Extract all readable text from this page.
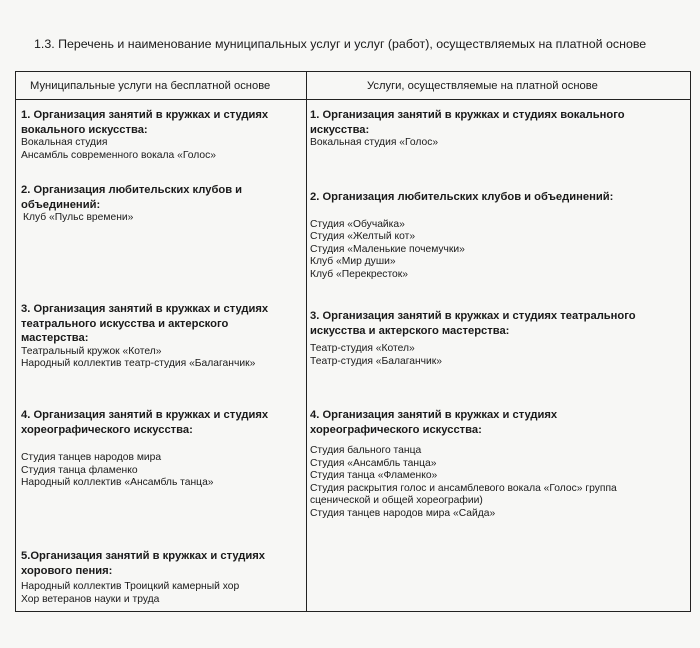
1.3. Перечень и наименование муниципальных услуг и услуг (работ), осуществляемых на платной основе
Муниципальные услуги на бесплатной основе	Услуги, осуществляемые на платной основе

1. Организация занятий в кружках и студиях
вокального искусства:

Вокальная студия
Ансамбль современного вокала «Голос»

2. Организация любительских клубов и
объединений:

Клуб «Пульс времени»

3. Организация занятий в кружках и студиях
театрального искусства и актерского
мастерства:

Театральный кружок «Котел»
Народный коллектив театр-студия «Балаганчик»

4. Организация занятий в кружках и студиях
хореографического искусства:

Студия танцев народов мира
Студия танца фламенко
Народный коллектив «Ансамбль танца»

5.Организация занятий в кружках и студиях
хорового пения:

Народный коллектив Троицкий камерный хор
Хор ветеранов науки и труда

1. Организация занятий в кружках и студиях вокального
искусства:

Вокальная студия «Голос»

2. Организация любительских клубов и объединений:

Студия «Обучайка»
Студия «Желтый кот»
Студия «Маленькие почемучки»
Клуб «Мир души»
Клуб «Перекресток»

3. Организация занятий в кружках и студиях театрального
искусства и актерского мастерства:

Театр-студия «Котел»
Театр-студия «Балаганчик»

4. Организация занятий в кружках и студиях
хореографического искусства:

Студия бального танца
Студия «Ансамбль танца»
Студия танца «Фламенко»
Студия раскрытия голос и ансамблевого вокала «Голос» группа
сценической и общей хореографии)
Студия танцев народов мира «Сайда»
